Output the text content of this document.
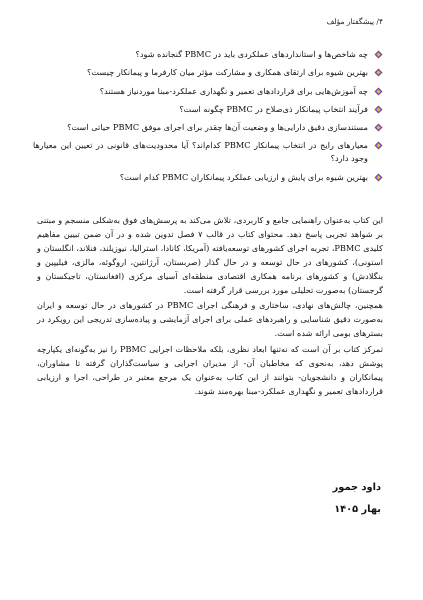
۴/ پیشگفتار مؤلف
چه شاخص‌ها و استانداردهای عملکردی باید در PBMC گنجانده شود؟
بهترین شیوه برای ارتقای همکاری و مشارکت مؤثر میان کارفرما و پیمانکار چیست؟
چه آموزش‌هایی برای قراردادهای تعمیر و نگهداری عملکرد-مبنا موردنیاز هستند؟
فرآیند انتخاب پیمانکار ذی‌صلاح در PBMC چگونه است؟
مستندسازی دقیق دارایی‌ها و وضعیت آن‌ها چقدر برای اجرای موفق PBMC حیاتی است؟
معیارهای رایج در انتخاب پیمانکار PBMC کدام‌اند؟ آیا محدودیت‌های قانونی در تعیین این معیارها وجود دارد؟
بهترین شیوه برای پایش و ارزیابی عملکرد پیمانکاران PBMC کدام است؟

این کتاب به‌عنوان راهنمایی جامع و کاربردی، تلاش می‌کند به پرسش‌های فوق به‌شکلی منسجم و مبتنی بر شواهد تجربی پاسخ دهد. محتوای کتاب در قالب ۷ فصل تدوین شده و در آن ضمن تبیین مفاهیم کلیدی PBMC، تجربه اجرای کشورهای توسعه‌یافته (آمریکا، کانادا، استرالیا، نیوزیلند، فنلاند، انگلستان و استونی)، کشورهای در حال توسعه و در حال گذار (صربستان، آرژانتین، اروگوئه، مالزی، فیلیپین و بنگلادش) و کشورهای برنامه همکاری اقتصادی منطقه‌ای آسیای مرکزی (افغانستان، تاجیکستان و گرجستان) به‌صورت تحلیلی مورد بررسی قرار گرفته است.

همچنین، چالش‌های نهادی، ساختاری و فرهنگی اجرای PBMC در کشورهای در حال توسعه و ایران به‌صورت دقیق شناسایی و راهبردهای عملی برای اجرای آزمایشی و پیاده‌سازی تدریجی این رویکرد در بسترهای بومی ارائه شده است.

تمرکز کتاب بر آن است که نه‌تنها ابعاد نظری، بلکه ملاحظات اجرایی PBMC را نیز به‌گونه‌ای یکپارچه پوشش دهد، به‌نحوی که مخاطبان آن- از مدیران اجرایی و سیاست‌گذاران گرفته تا مشاوران، پیمانکاران و دانشجویان- بتوانند از این کتاب به‌عنوان یک مرجع معتبر در طراحی، اجرا و ارزیابی قراردادهای تعمیر و نگهداری عملکرد-مبنا بهره‌مند شوند.

داود جمور
بهار ۱۴۰۵
